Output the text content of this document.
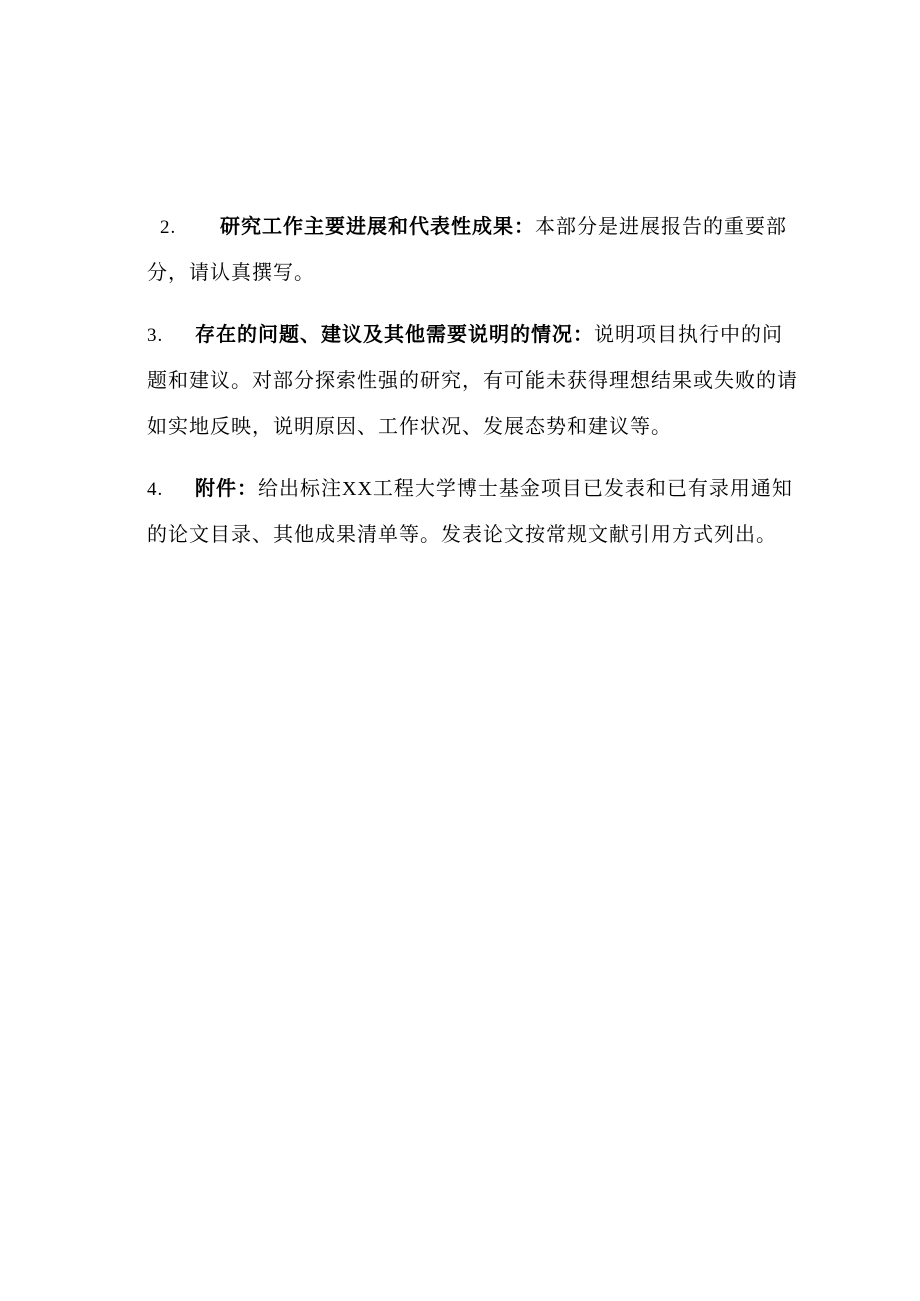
2. 研究工作主要进展和代表性成果：本部分是进展报告的重要部
分，请认真撰写。
3. 存在的问题、建议及其他需要说明的情况：说明项目执行中的问
题和建议。对部分探索性强的研究，有可能未获得理想结果或失败的请
如实地反映，说明原因、工作状况、发展态势和建议等。
4. 附件：给出标注XX工程大学博士基金项目已发表和已有录用通知
的论文目录、其他成果清单等。发表论文按常规文献引用方式列出。
